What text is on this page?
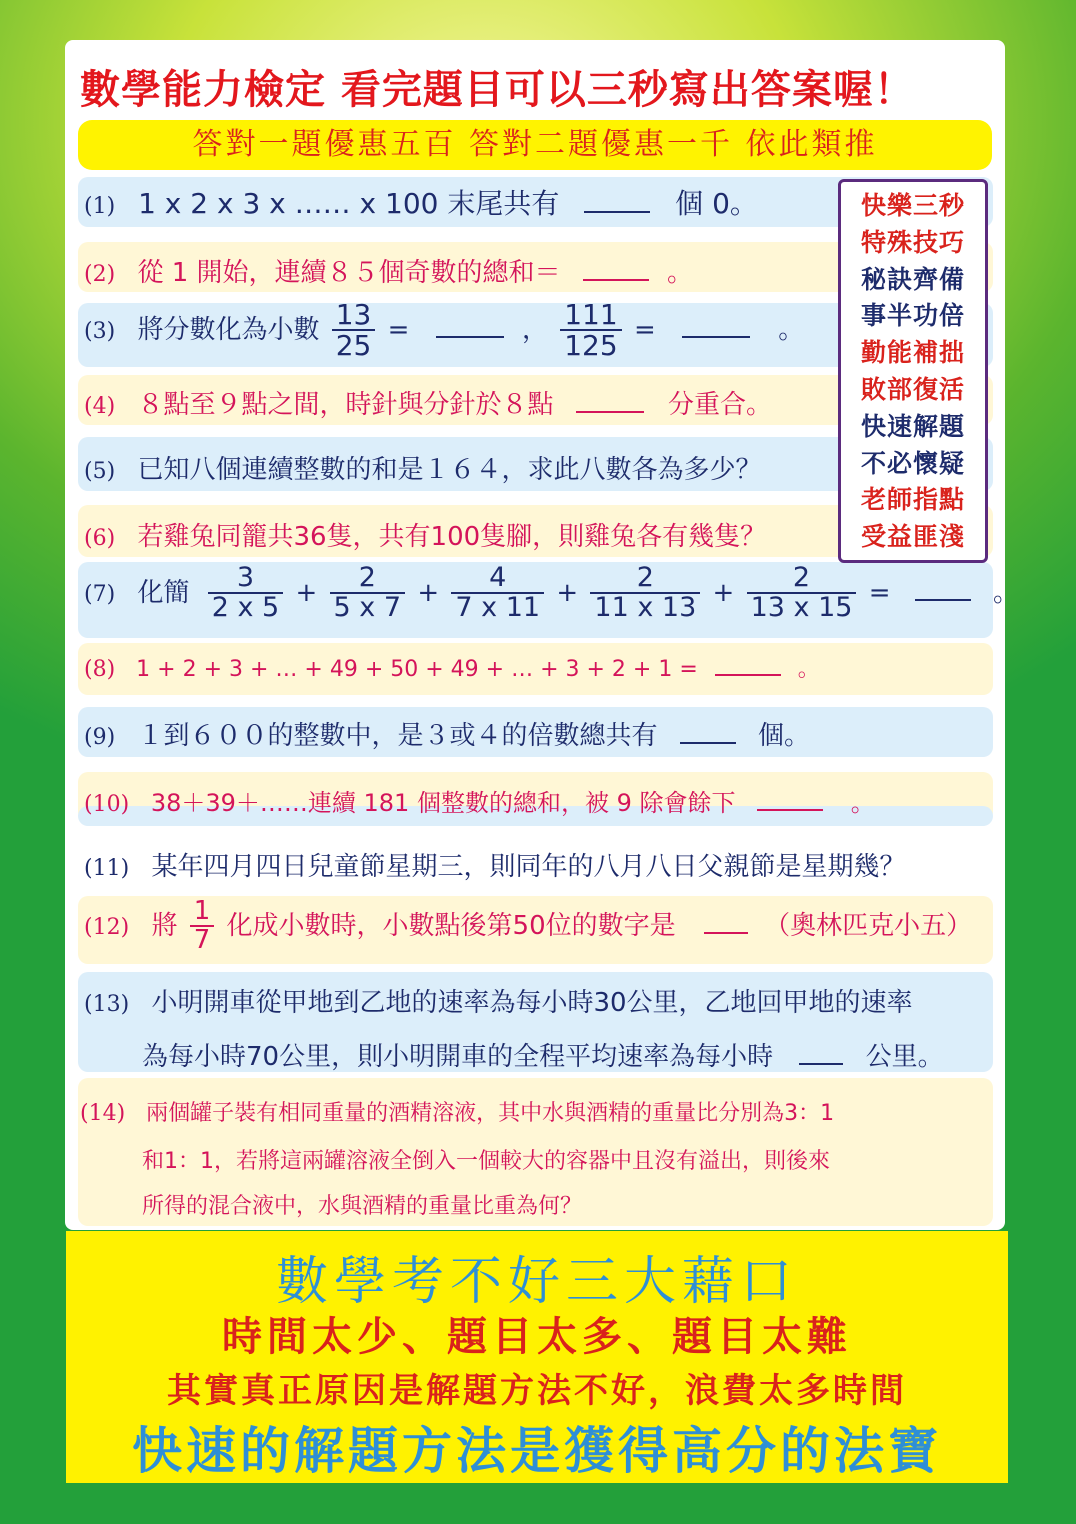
數學能力檢定 看完題目可以三秒寫出答案喔！
答對一題優惠五百 答對二題優惠一千 依此類推
(1) 1 x 2 x 3 x …… x 100 末尾共有	個 0。
(2) 從 1 開始，連續８５個奇數的總和＝	。
(3) 將分數化為小數 $\frac{13}{25}$ =	， $\frac{111}{125}$ =	。
(4) ８點至９點之間，時針與分針於８點	分重合。
(5) 已知八個連續整數的和是１６４，求此八數各為多少？
(6) 若雞兔同籠共36隻，共有100隻腳，則雞兔各有幾隻？
(7) 化簡 $\frac{3}{2 x 5} + \frac{2}{5 x 7} + \frac{4}{7 x 11} + \frac{2}{11 x 13} + \frac{2}{13 x 15}$ =	。
(8) 1 + 2 + 3 + … + 49 + 50 + 49 + … + 3 + 2 + 1 =	。
(9) １到６００的整數中，是３或４的倍數總共有	個。
(10) 38＋39＋……連續 181 個整數的總和，被 9 除會餘下	。
(11) 某年四月四日兒童節星期三，則同年的八月八日父親節是星期幾？
(12) 將 $\frac{1}{7}$ 化成小數時，小數點後第50位的數字是	（奧林匹克小五）
(13) 小明開車從甲地到乙地的速率為每小時30公里，乙地回甲地的速率
為每小時70公里，則小明開車的全程平均速率為每小時	公里。
(14) 兩個罐子裝有相同重量的酒精溶液，其中水與酒精的重量比分別為3：1
和1：1，若將這兩罐溶液全倒入一個較大的容器中且沒有溢出，則後來
所得的混合液中，水與酒精的重量比重為何？
快樂三秒
特殊技巧
秘訣齊備
事半功倍
勤能補拙
敗部復活
快速解題
不必懷疑
老師指點
受益匪淺
數學考不好三大藉口
時間太少、題目太多、題目太難
其實真正原因是解題方法不好，浪費太多時間
快速的解題方法是獲得高分的法寶
